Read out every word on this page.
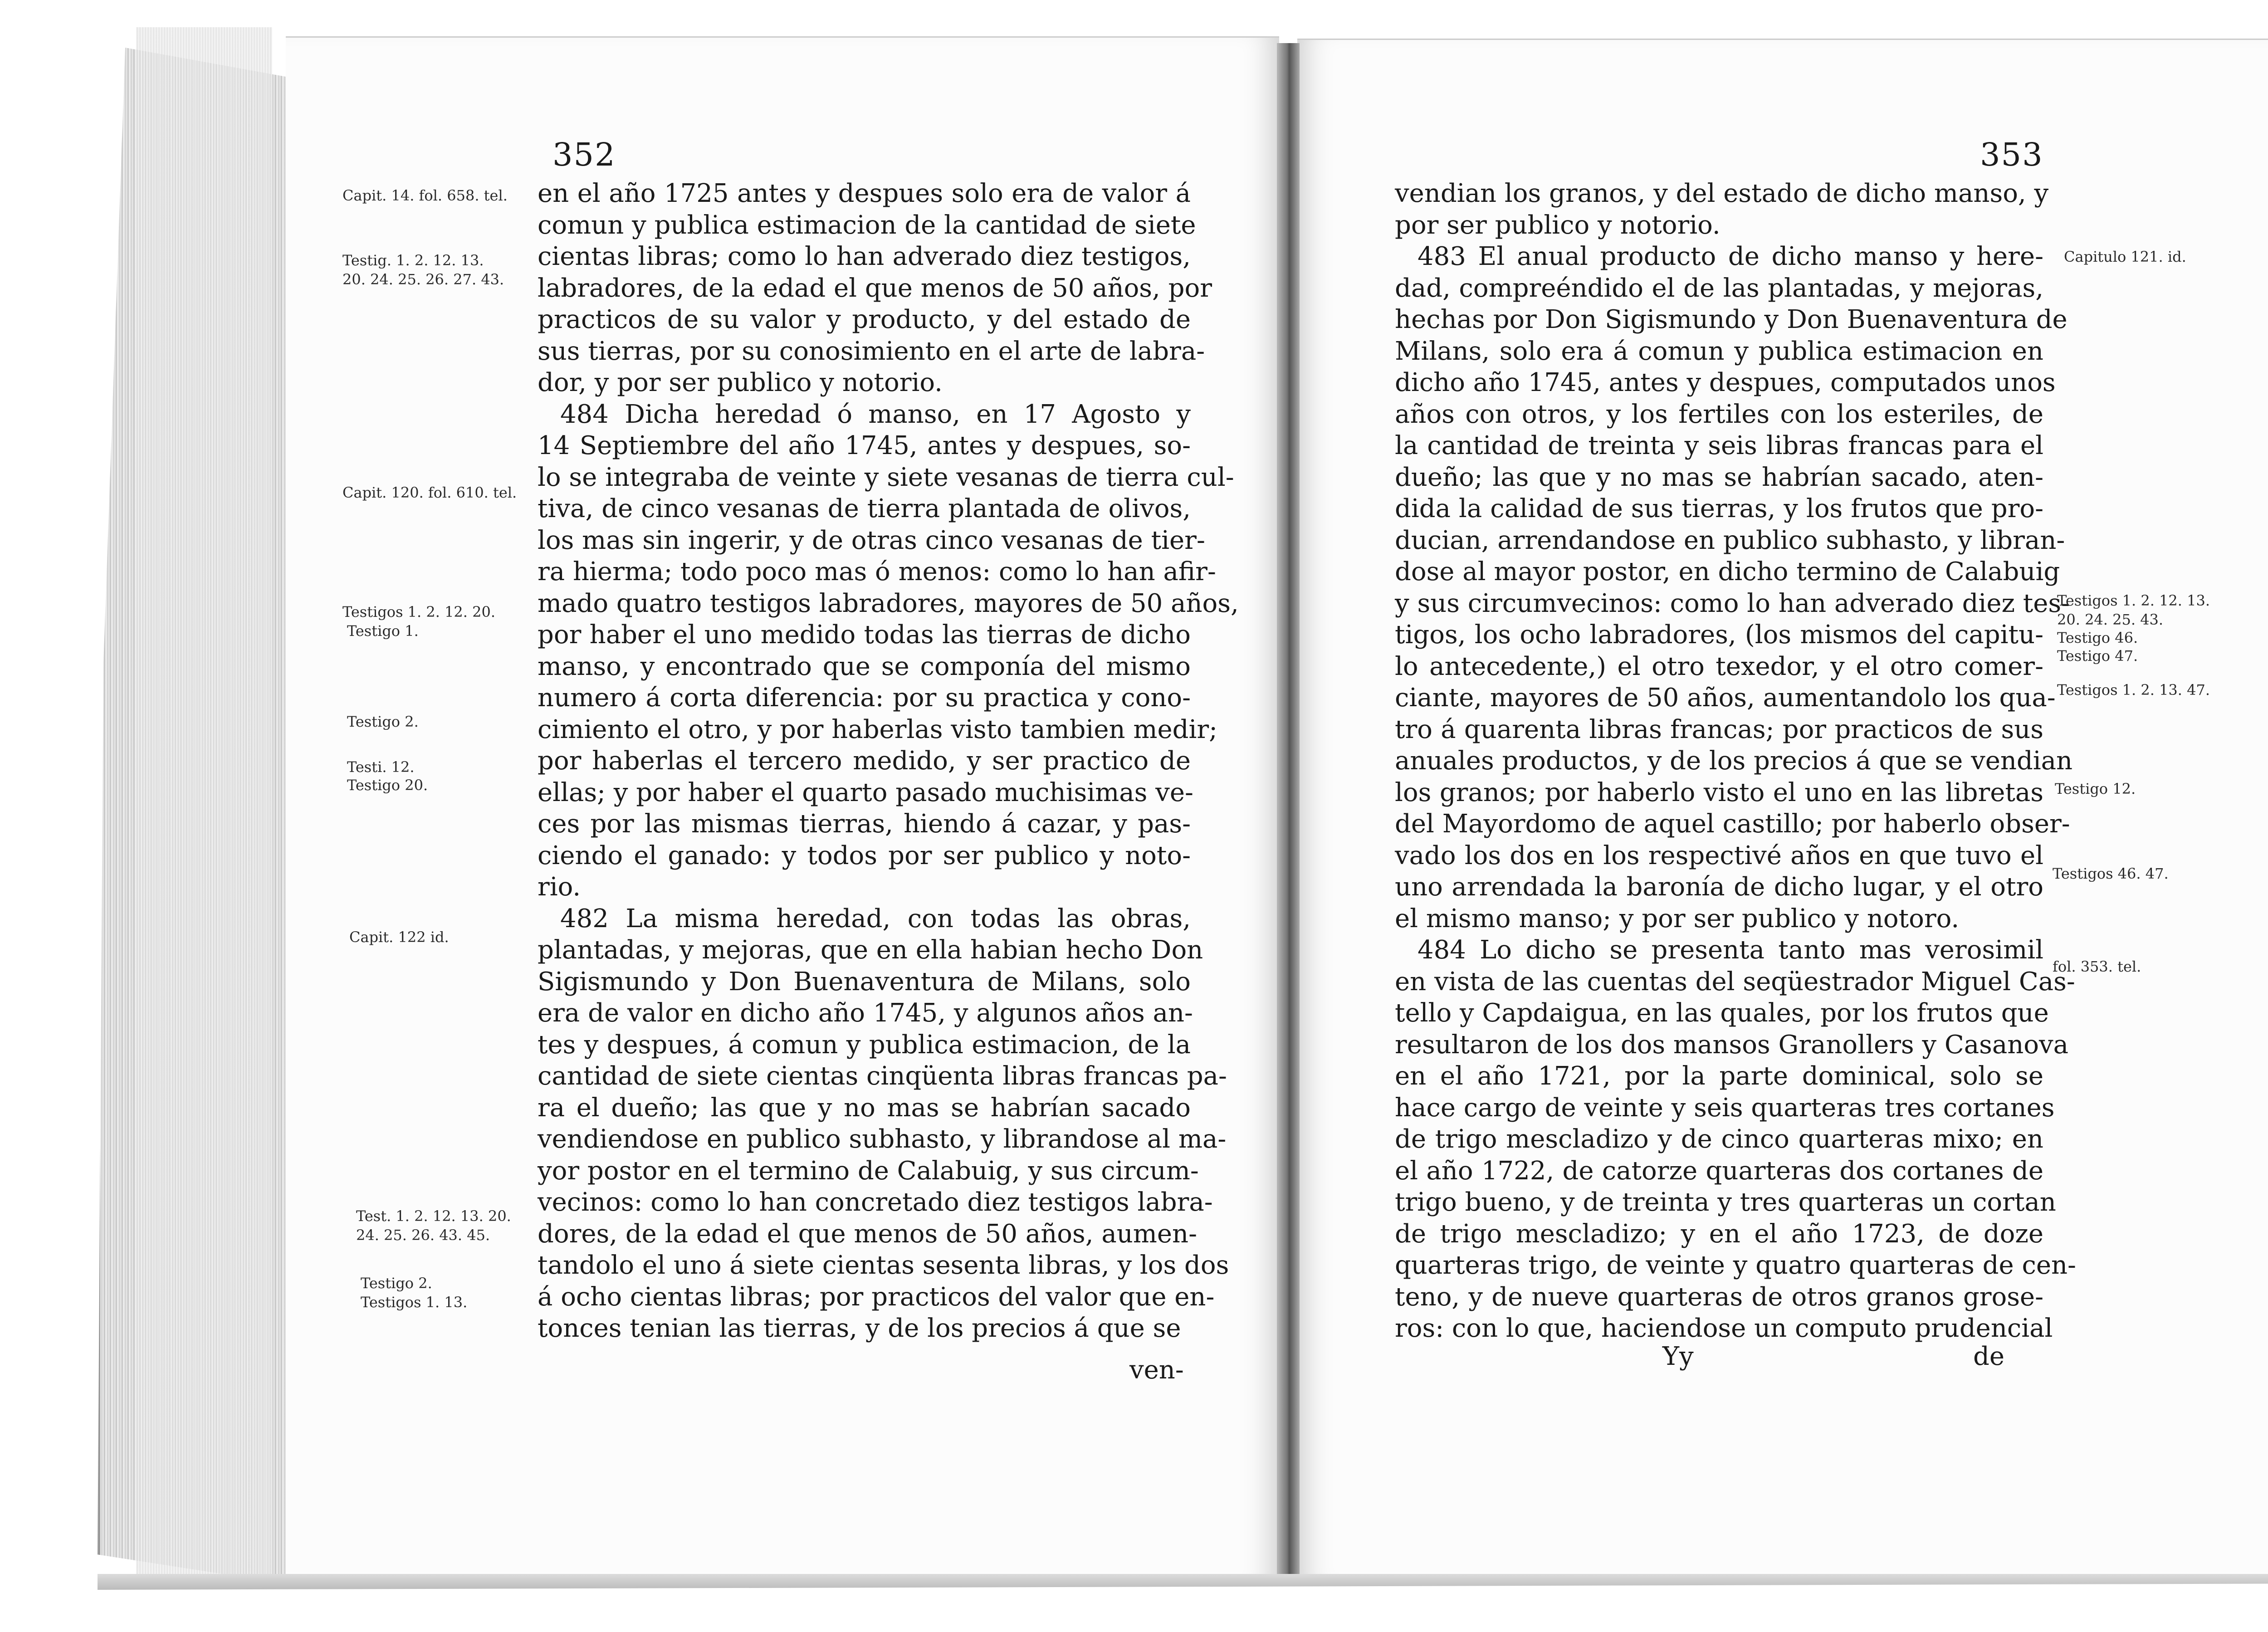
352
en el año 1725 antes y despues solo era de valor á
comun y publica estimacion de la cantidad de siete
cientas libras; como lo han adverado diez testigos,
labradores, de la edad el que menos de 50 años, por
practicos de su valor y producto, y del estado de
sus tierras, por su conosimiento en el arte de labra-
dor, y por ser publico y notorio.
484 Dicha heredad ó manso, en 17 Agosto y
14 Septiembre del año 1745, antes y despues, so-
lo se integraba de veinte y siete vesanas de tierra cul-
tiva, de cinco vesanas de tierra plantada de olivos,
los mas sin ingerir, y de otras cinco vesanas de tier-
ra hierma; todo poco mas ó menos: como lo han afir-
mado quatro testigos labradores, mayores de 50 años,
por haber el uno medido todas las tierras de dicho
manso, y encontrado que se componía del mismo
numero á corta diferencia: por su practica y cono-
cimiento el otro, y por haberlas visto tambien medir;
por haberlas el tercero medido, y ser practico de
ellas; y por haber el quarto pasado muchisimas ve-
ces por las mismas tierras, hiendo á cazar, y pas-
ciendo el ganado: y todos por ser publico y noto-
rio.
482 La misma heredad, con todas las obras,
plantadas, y mejoras, que en ella habian hecho Don
Sigismundo y Don Buenaventura de Milans, solo
era de valor en dicho año 1745, y algunos años an-
tes y despues, á comun y publica estimacion, de la
cantidad de siete cientas cinqüenta libras francas pa-
ra el dueño; las que y no mas se habrían sacado
vendiendose en publico subhasto, y librandose al ma-
yor postor en el termino de Calabuig, y sus circum-
vecinos: como lo han concretado diez testigos labra-
dores, de la edad el que menos de 50 años, aumen-
tandolo el uno á siete cientas sesenta libras, y los dos
á ocho cientas libras; por practicos del valor que en-
tonces tenian las tierras, y de los precios á que se
ven-
Capit. 14. fol. 658. tel.
Testig. 1. 2. 12. 13.
20. 24. 25. 26. 27. 43.
Capit. 120. fol. 610. tel.
Testigos 1. 2. 12. 20.
Testigo 1.
Testigo 2.
Testi. 12.
Testigo 20.
Capit. 122 id.
Test. 1. 2. 12. 13. 20.
24. 25. 26. 43. 45.
Testigo 2.
Testigos 1. 13.
353
vendian los granos, y del estado de dicho manso, y
por ser publico y notorio.
483 El anual producto de dicho manso y here-
dad, compreéndido el de las plantadas, y mejoras,
hechas por Don Sigismundo y Don Buenaventura de
Milans, solo era á comun y publica estimacion en
dicho año 1745, antes y despues, computados unos
años con otros, y los fertiles con los esteriles, de
la cantidad de treinta y seis libras francas para el
dueño; las que y no mas se habrían sacado, aten-
dida la calidad de sus tierras, y los frutos que pro-
ducian, arrendandose en publico subhasto, y libran-
dose al mayor postor, en dicho termino de Calabuig
y sus circumvecinos: como lo han adverado diez tes-
tigos, los ocho labradores, (los mismos del capitu-
lo antecedente,) el otro texedor, y el otro comer-
ciante, mayores de 50 años, aumentandolo los qua-
tro á quarenta libras francas; por practicos de sus
anuales productos, y de los precios á que se vendian
los granos; por haberlo visto el uno en las libretas
del Mayordomo de aquel castillo; por haberlo obser-
vado los dos en los respectivé años en que tuvo el
uno arrendada la baronía de dicho lugar, y el otro
el mismo manso; y por ser publico y notoro.
484 Lo dicho se presenta tanto mas verosimil
en vista de las cuentas del seqüestrador Miguel Cas-
tello y Capdaigua, en las quales, por los frutos que
resultaron de los dos mansos Granollers y Casanova
en el año 1721, por la parte dominical, solo se
hace cargo de veinte y seis quarteras tres cortanes
de trigo mescladizo y de cinco quarteras mixo; en
el año 1722, de catorze quarteras dos cortanes de
trigo bueno, y de treinta y tres quarteras un cortan
de trigo mescladizo; y en el año 1723, de doze
quarteras trigo, de veinte y quatro quarteras de cen-
teno, y de nueve quarteras de otros granos grose-
ros: con lo que, haciendose un computo prudencial
Yy	de
Capitulo 121. id.
Testigos 1. 2. 12. 13.
20. 24. 25. 43.
Testigo 46.
Testigo 47.
Testigos 1. 2. 13. 47.
Testigo 12.
Testigos 46. 47.
fol. 353. tel.
